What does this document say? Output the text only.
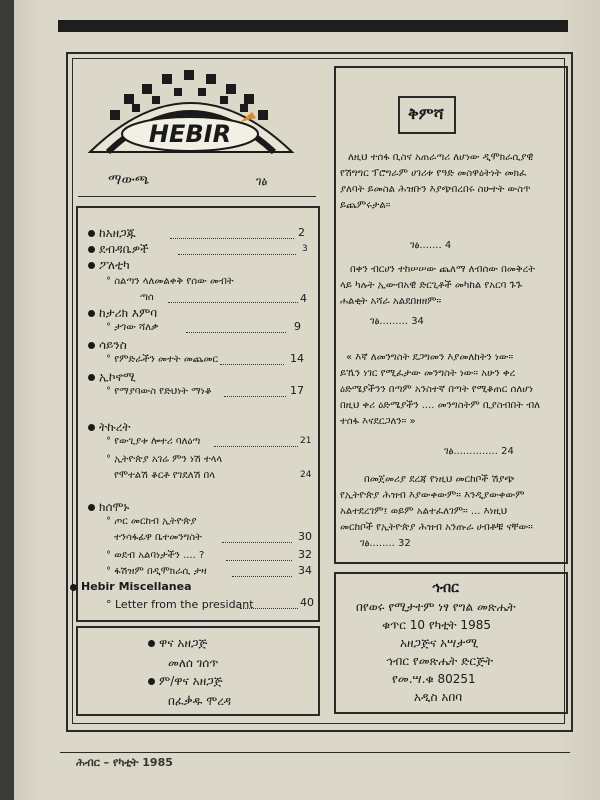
HEBIR
ማውጫ	ገፅ
ከአዘጋጁ	2
ደብዳቤዎች	3
ፖለቲካ
° ስልጣን ላለመልቀቅ የሰው መብት
ጣሰ	4
ከታሪክ እምባ
° ታገው ሻለቃ	9
ሳይንስ
° የምድራችን መተት መጨመር	14
ኢኮኖሚ
° የማያባውስ የድህነት ማነቆ	17
ትኩረት
° የውጊያቱ ሎተሪ ባለዕጣ	21
° ኢትዮጵያ አገሬ ምን ነሽ ተላላ
የሞተልሽ ቆርቶ የገደለሽ በላ	24
ክሰሞኑ
° ጦር መርከብ ኢትዮጵያ
ተንሳፋፊዋ ቤተመንግስት	30
° ወደብ አልባነታችን .... ?	32
° ፋሽዝም በዲሞክራሲ ታዛ	34
Hebir Miscellanea
° Letter from the presidant	40
ዋና አዘጋጅ
መለሰ ገሰጥ
ም/ዋና አዘጋጅ
በፈቃዱ ሞረዳ
ቅምሻ
ለዚህ ተሰፋ ቢስና አጠራጣሪ ለሆነው ዲሞክራሲያዊ
የሽግግር ፕሮግራም ሀገሪቱ የዓድ መስዋዕትነት መክፈ
ያለባት ይመስል ሕዝቡን እያጭበረበሩ ስሁተት ውስጥ
ይጨምሩታል።
ገፅ....... 4
በቀን ብርሀን ተከሠሠው ጨለማ ለብሰው በመቅረት
ላይ ካሉት ኢውብአዊ ድርጊቶች መካከል የአርባ ጉጉ
ሐልቂት አሻራ አልደበዘዘም።
ገፅ......... 34
« እኛ ለመንግስት ደጋግመን እያመለከትን ነው።
ይኼን ነገር የሚፈታው መንግስት ነው። አሁን ቀረ
ዕድሜያችንን በጣም አንስተኛ በጣት የሚቆጠር ሰለሆነ
በዚህ ቀሪ ዕድሜያችን .... መንግስትም ቢያስብበት ብለ
ተሰፋ እናደርጋለን። »
ገፅ.............. 24
በመጀመሪያ ደረጃ የነዚህ መርከቦች ሽያጭ
የኢትዮጵያ ሕዝብ እያውቀውም። እንዲያውቀውም
አልተደረገም፤ ወይም አልተፈለገም። ... እነዚህ
መርከቦች የኢትዮጵያ ሕዝብ አንጡራ ሀብቶቹ ናቸው።
ገፅ........ 32
ኅብር
በየወሩ የሚታተም ነፃ የግል መጽሔት
ቁጥር 10 የካቲት 1985
አዘጋጅና አሣታሚ
ኅብር የመጽሔት ድርጅት
የመ.ሣ.ቁ 80251
አዲስ አበባ
ሕብር – የካቲት 1985
